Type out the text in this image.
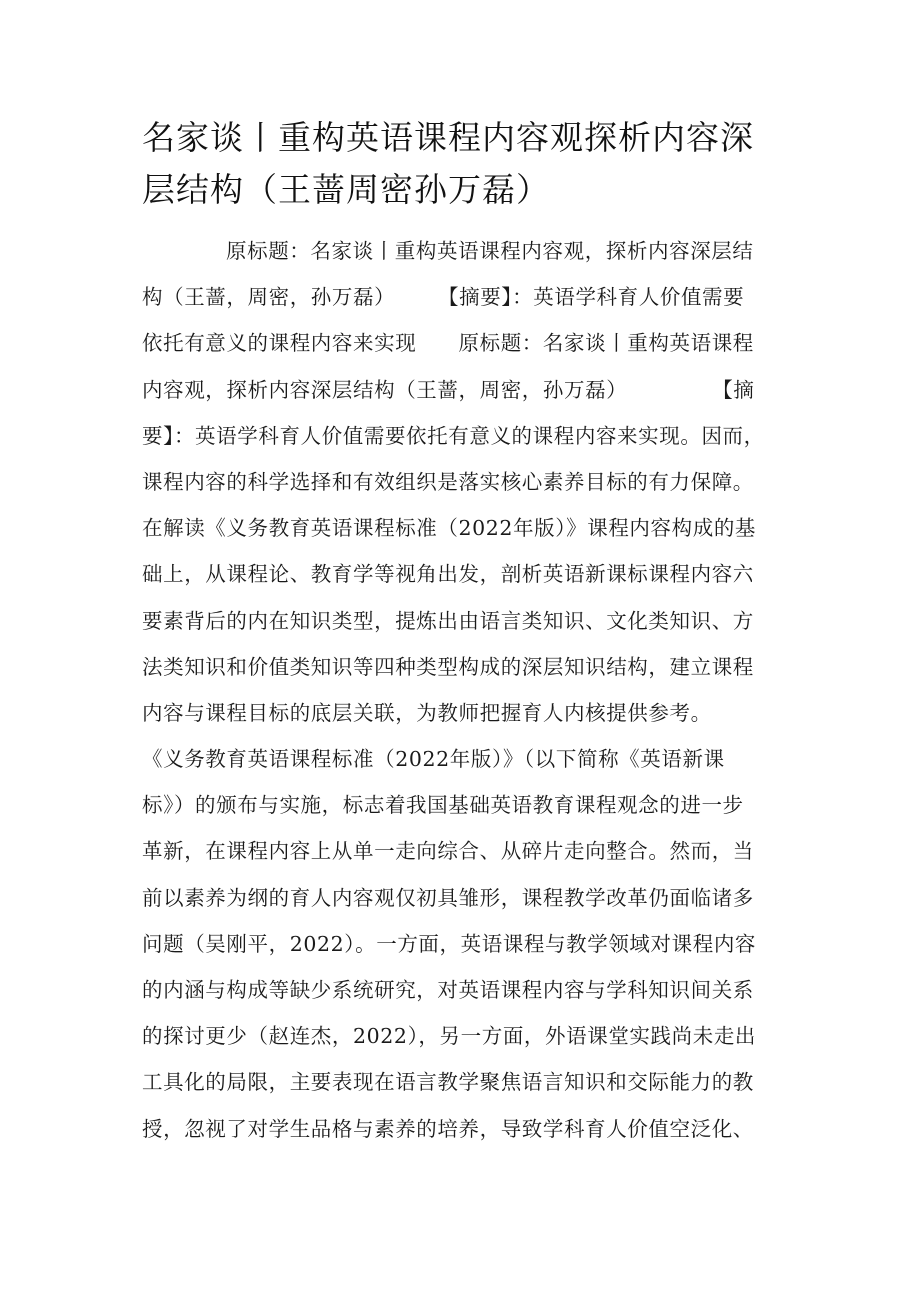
名家谈丨重构英语课程内容观探析内容深
层结构（王蔷周密孙万磊）
原标题：名家谈丨重构英语课程内容观，探析内容深层结
构（王蔷，周密，孙万磊）　　　【摘要】：英语学科育人价值需要
依托有意义的课程内容来实现　　原标题：名家谈丨重构英语课程
内容观，探析内容深层结构（王蔷，周密，孙万磊）　　　　　【摘
要】：英语学科育人价值需要依托有意义的课程内容来实现。因而，
课程内容的科学选择和有效组织是落实核心素养目标的有力保障。
在解读《义务教育英语课程标准（2022年版）》课程内容构成的基
础上，从课程论、教育学等视角出发，剖析英语新课标课程内容六
要素背后的内在知识类型，提炼出由语言类知识、文化类知识、方
法类知识和价值类知识等四种类型构成的深层知识结构，建立课程
内容与课程目标的底层关联，为教师把握育人内核提供参考。
《义务教育英语课程标准（2022年版）》（以下简称《英语新课
标》）的颁布与实施，标志着我国基础英语教育课程观念的进一步
革新，在课程内容上从单一走向综合、从碎片走向整合。然而，当
前以素养为纲的育人内容观仅初具雏形，课程教学改革仍面临诸多
问题（吴刚平，2022）。一方面，英语课程与教学领域对课程内容
的内涵与构成等缺少系统研究，对英语课程内容与学科知识间关系
的探讨更少（赵连杰，2022），另一方面，外语课堂实践尚未走出
工具化的局限，主要表现在语言教学聚焦语言知识和交际能力的教
授，忽视了对学生品格与素养的培养，导致学科育人价值空泛化、
